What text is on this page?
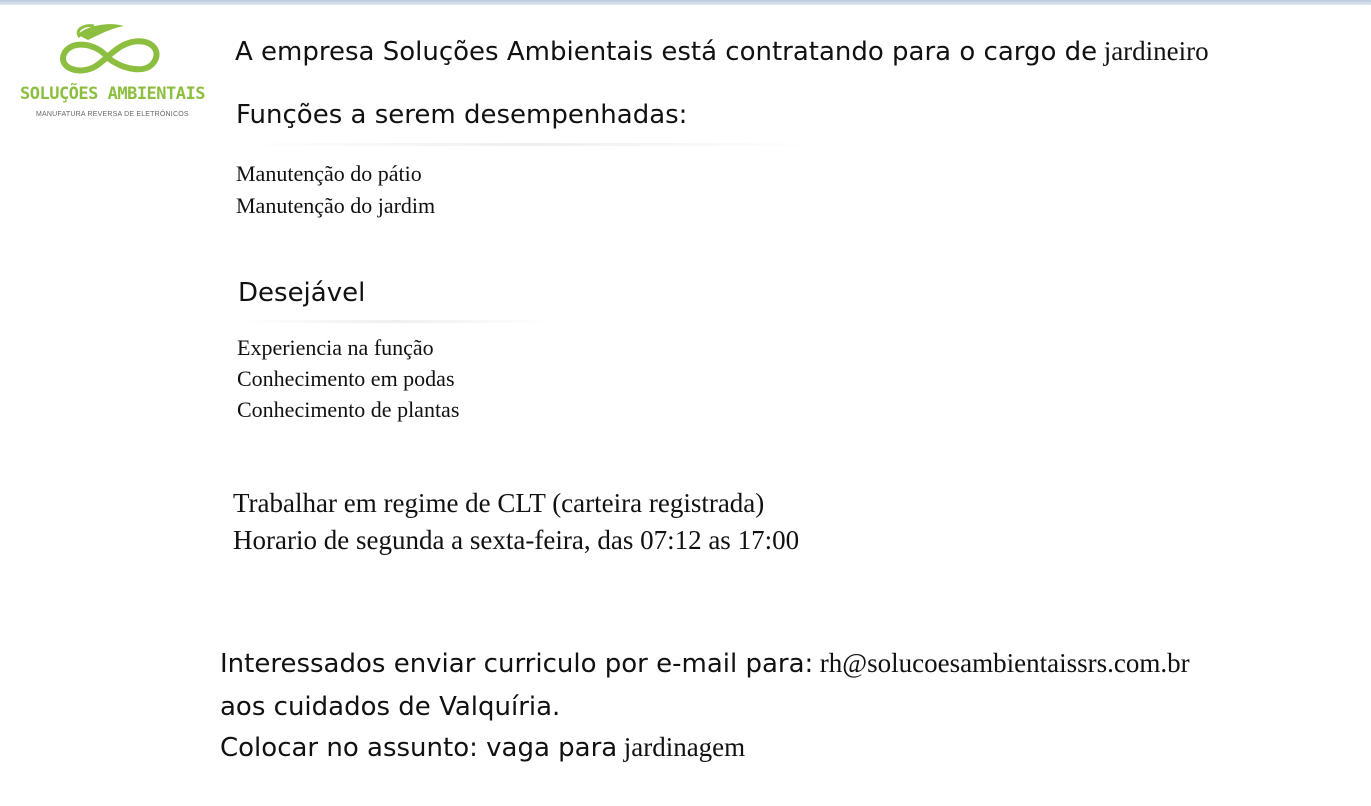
SOLUÇÕES AMBIENTAIS
MANUFATURA REVERSA DE ELETRÔNICOS
A empresa Soluções Ambientais está contratando para o cargo de jardineiro
Funções a serem desempenhadas:
Manutenção do pátio
Manutenção do jardim
Desejável
Experiencia na função
Conhecimento em podas
Conhecimento de plantas
Trabalhar em regime de CLT (carteira registrada)
Horario de segunda a sexta-feira, das 07:12 as 17:00
Interessados enviar curriculo por e-mail para: rh@solucoesambientaissrs.com.br
aos cuidados de Valquíria.
Colocar no assunto: vaga para jardinagem
